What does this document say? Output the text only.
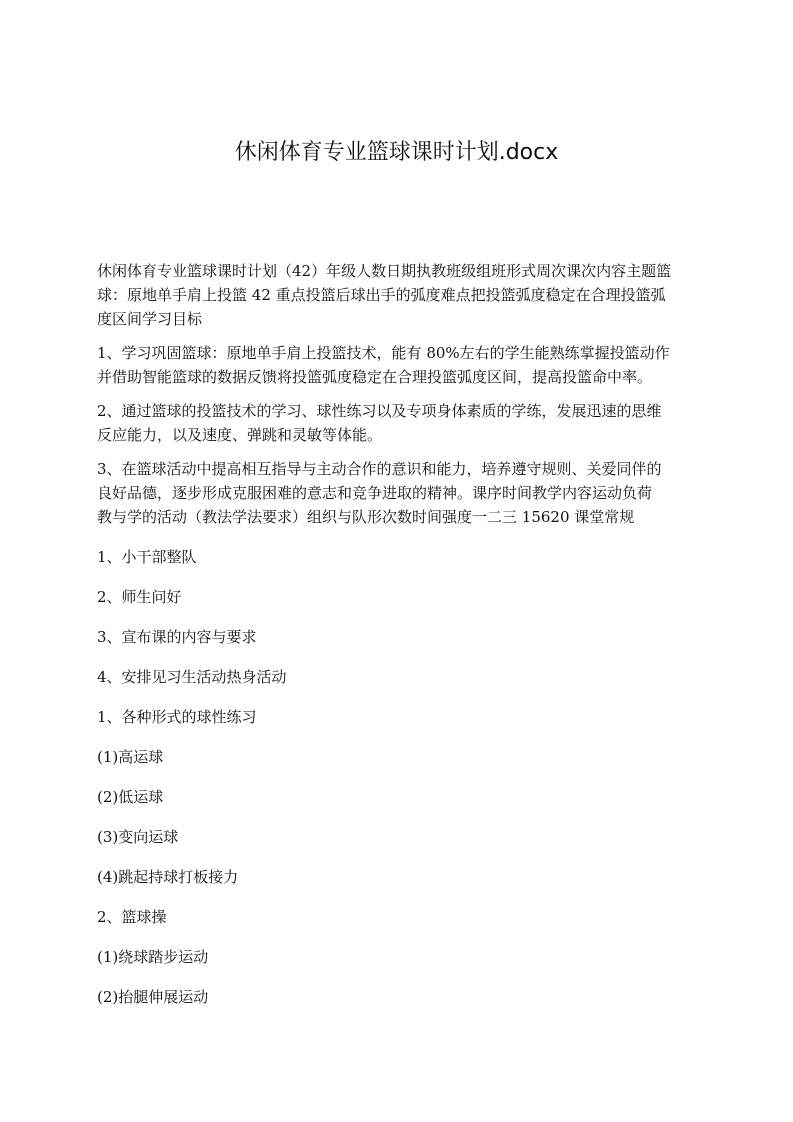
休闲体育专业篮球课时计划.docx

休闲体育专业篮球课时计划（42）年级人数日期执教班级组班形式周次课次内容主题篮
球：原地单手肩上投篮 42 重点投篮后球出手的弧度难点把投篮弧度稳定在合理投篮弧
度区间学习目标

1、学习巩固篮球：原地单手肩上投篮技术，能有 80%左右的学生能熟练掌握投篮动作
并借助智能篮球的数据反馈将投篮弧度稳定在合理投篮弧度区间，提高投篮命中率。

2、通过篮球的投篮技术的学习、球性练习以及专项身体素质的学练，发展迅速的思维
反应能力，以及速度、弹跳和灵敏等体能。

3、在篮球活动中提高相互指导与主动合作的意识和能力，培养遵守规则、关爱同伴的
良好品德，逐步形成克服困难的意志和竞争进取的精神。课序时间教学内容运动负荷
教与学的活动（教法学法要求）组织与队形次数时间强度一二三 15620 课堂常规

1、小干部整队

2、师生问好

3、宣布课的内容与要求

4、安排见习生活动热身活动

1、各种形式的球性练习

(1)高运球

(2)低运球

(3)变向运球

(4)跳起持球打板接力

2、篮球操

(1)绕球踏步运动

(2)抬腿伸展运动
